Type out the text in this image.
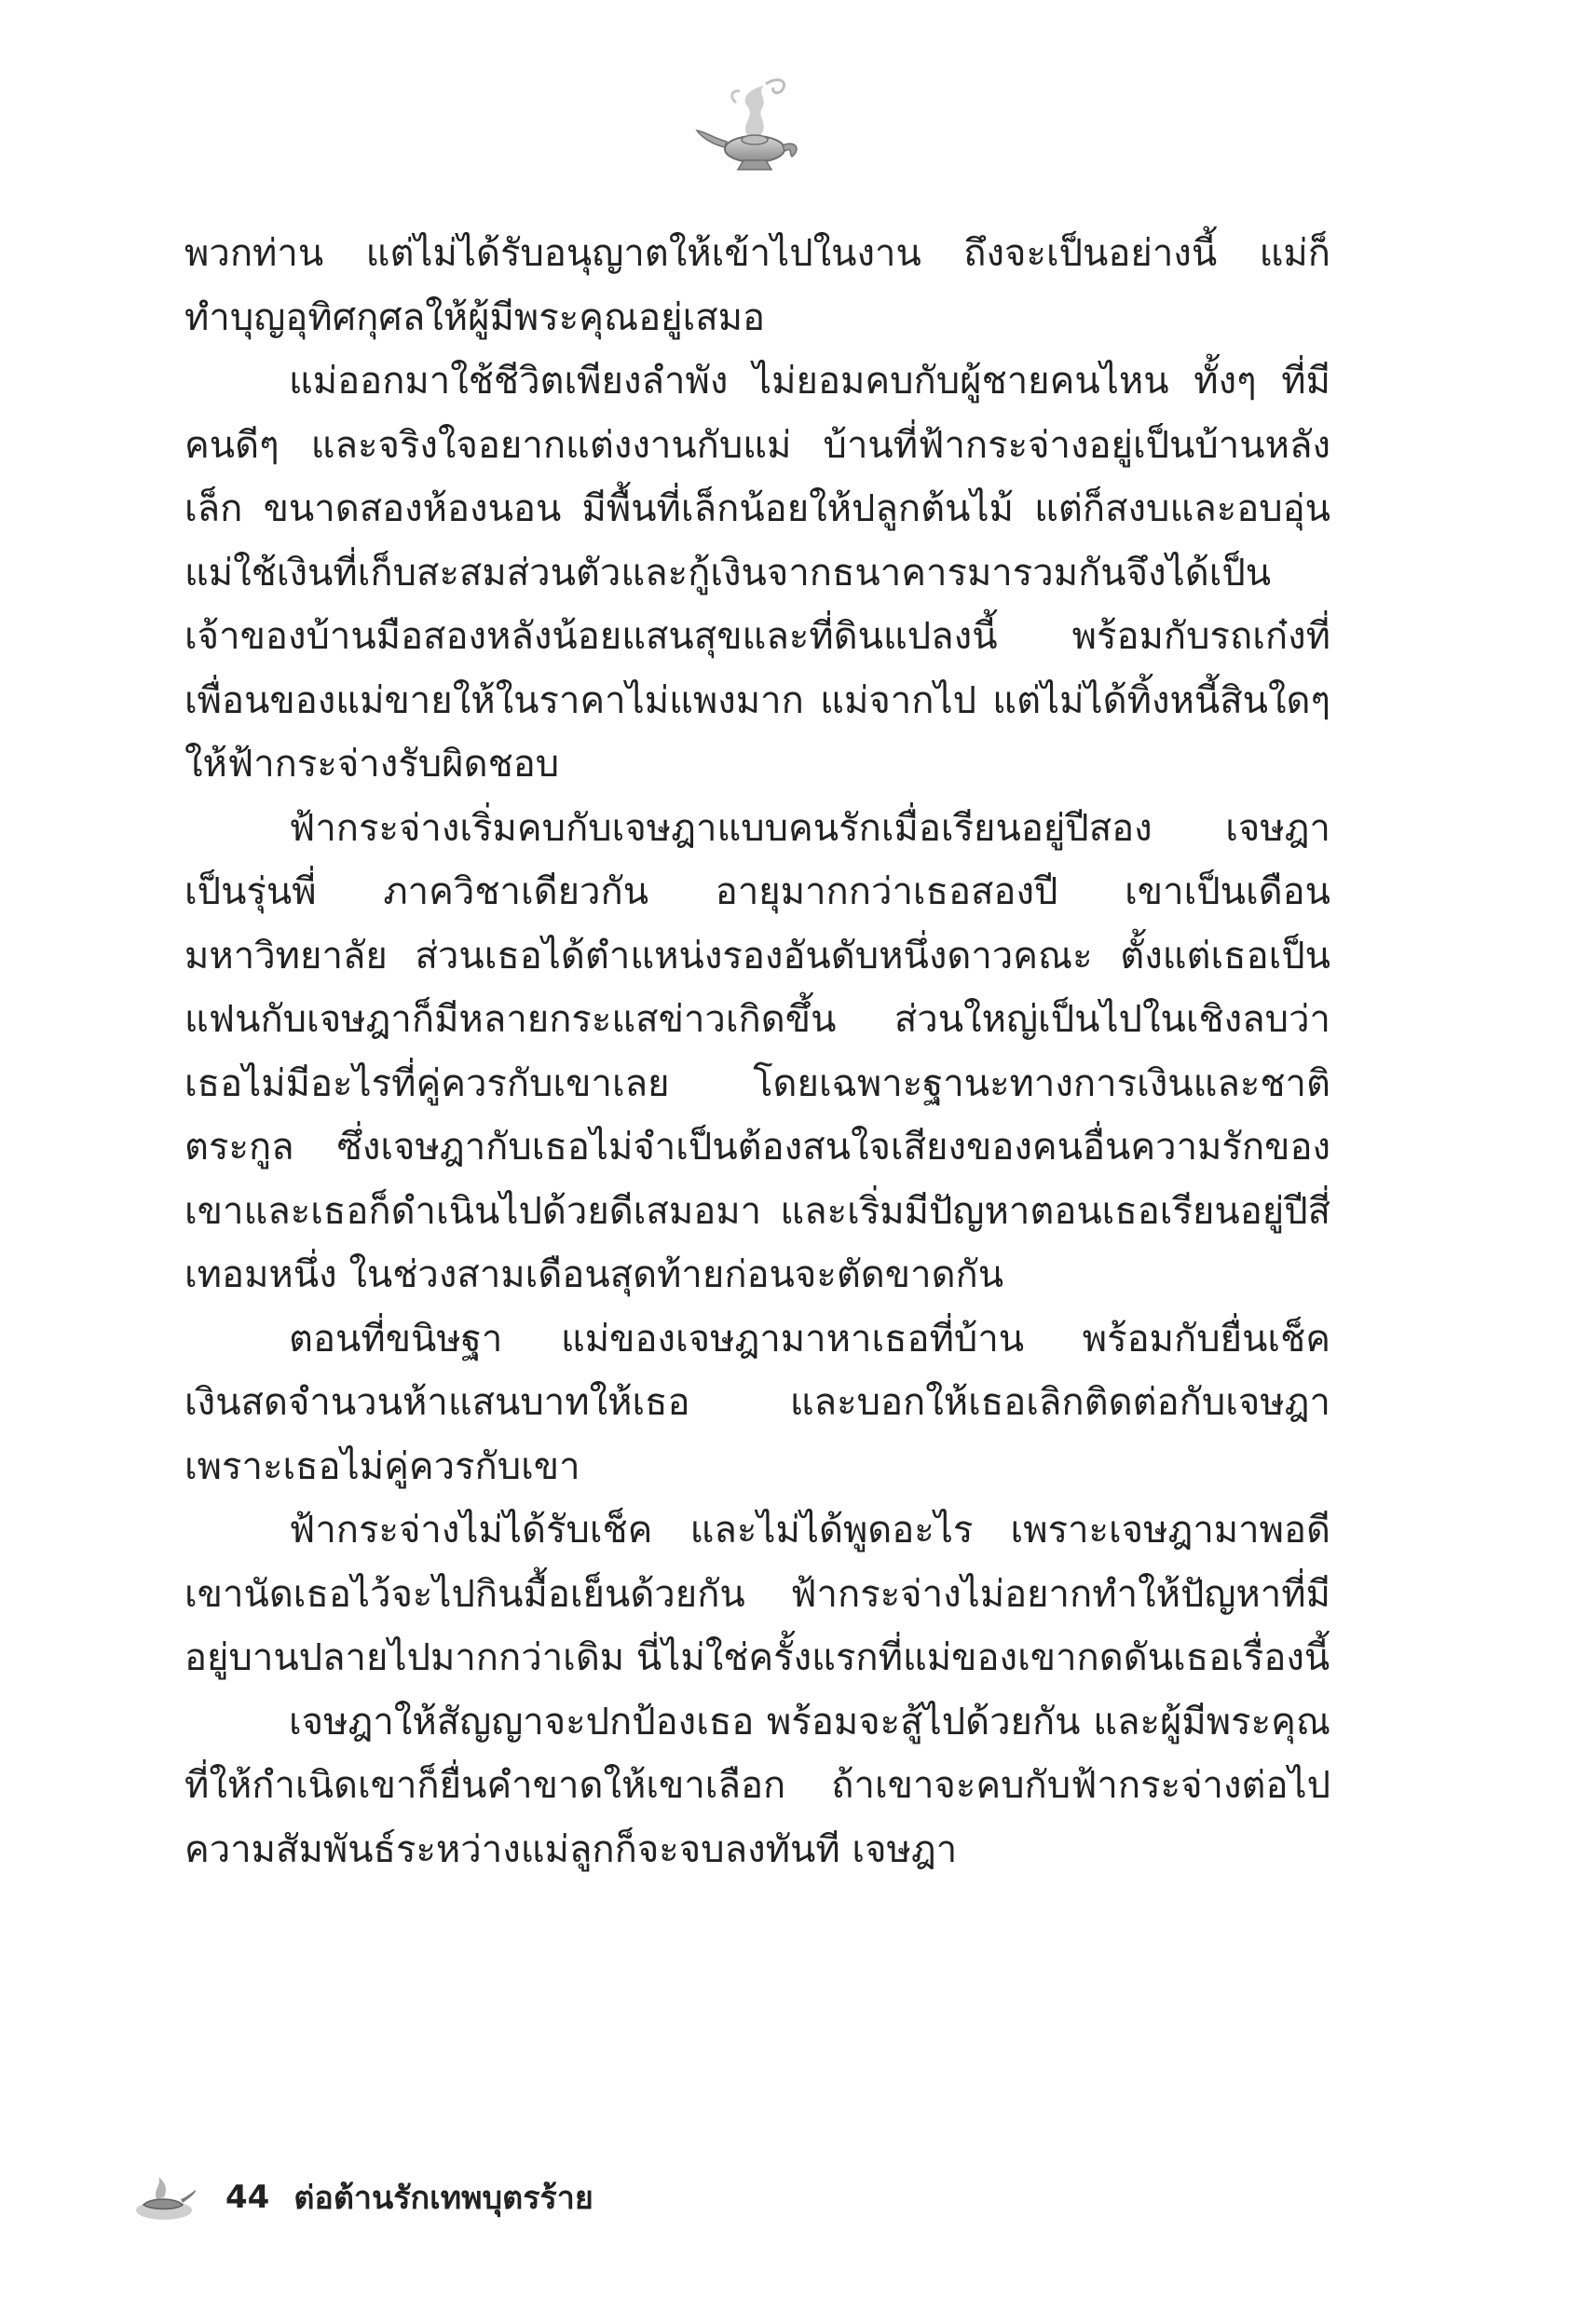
พวกท่าน แต่ไม่ได้รับอนุญาตให้เข้าไปในงาน ถึงจะเป็นอย่างนี้ แม่ก็ทำบุญอุทิศกุศลให้ผู้มีพระคุณอยู่เสมอ

แม่ออกมาใช้ชีวิตเพียงลำพัง ไม่ยอมคบกับผู้ชายคนไหน ทั้งๆ ที่มีคนดีๆ และจริงใจอยากแต่งงานกับแม่ บ้านที่ฟ้ากระจ่างอยู่เป็นบ้านหลังเล็ก ขนาดสองห้องนอน มีพื้นที่เล็กน้อยให้ปลูกต้นไม้ แต่ก็สงบและอบอุ่น แม่ใช้เงินที่เก็บสะสมส่วนตัวและกู้เงินจากธนาคารมารวมกันจึงได้เป็นเจ้าของบ้านมือสองหลังน้อยแสนสุขและที่ดินแปลงนี้ พร้อมกับรถเก๋งที่เพื่อนของแม่ขายให้ในราคาไม่แพงมาก แม่จากไป แต่ไม่ได้ทิ้งหนี้สินใดๆ ให้ฟ้ากระจ่างรับผิดชอบ

ฟ้ากระจ่างเริ่มคบกับเจษฎาแบบคนรักเมื่อเรียนอยู่ปีสอง เจษฎาเป็นรุ่นพี่ ภาควิชาเดียวกัน อายุมากกว่าเธอสองปี เขาเป็นเดือนมหาวิทยาลัย ส่วนเธอได้ตำแหน่งรองอันดับหนึ่งดาวคณะ ตั้งแต่เธอเป็นแฟนกับเจษฎาก็มีหลายกระแสข่าวเกิดขึ้น ส่วนใหญ่เป็นไปในเชิงลบว่าเธอไม่มีอะไรที่คู่ควรกับเขาเลย โดยเฉพาะฐานะทางการเงินและชาติตระกูล ซึ่งเจษฎากับเธอไม่จำเป็นต้องสนใจเสียงของคนอื่นความรักของเขาและเธอก็ดำเนินไปด้วยดีเสมอมา และเริ่มมีปัญหาตอนเธอเรียนอยู่ปีสี่เทอมหนึ่ง ในช่วงสามเดือนสุดท้ายก่อนจะตัดขาดกัน

ตอนที่ขนิษฐา แม่ของเจษฎามาหาเธอที่บ้าน พร้อมกับยื่นเช็คเงินสดจำนวนห้าแสนบาทให้เธอ และบอกให้เธอเลิกติดต่อกับเจษฎาเพราะเธอไม่คู่ควรกับเขา

ฟ้ากระจ่างไม่ได้รับเช็ค และไม่ได้พูดอะไร เพราะเจษฎามาพอดีเขานัดเธอไว้จะไปกินมื้อเย็นด้วยกัน ฟ้ากระจ่างไม่อยากทำให้ปัญหาที่มีอยู่บานปลายไปมากกว่าเดิม นี่ไม่ใช่ครั้งแรกที่แม่ของเขากดดันเธอเรื่องนี้

เจษฎาให้สัญญาจะปกป้องเธอ พร้อมจะสู้ไปด้วยกัน และผู้มีพระคุณที่ให้กำเนิดเขาก็ยื่นคำขาดให้เขาเลือก ถ้าเขาจะคบกับฟ้ากระจ่างต่อไป ความสัมพันธ์ระหว่างแม่ลูกก็จะจบลงทันที เจษฎา

44 ต่อต้านรักเทพบุตรร้าย
